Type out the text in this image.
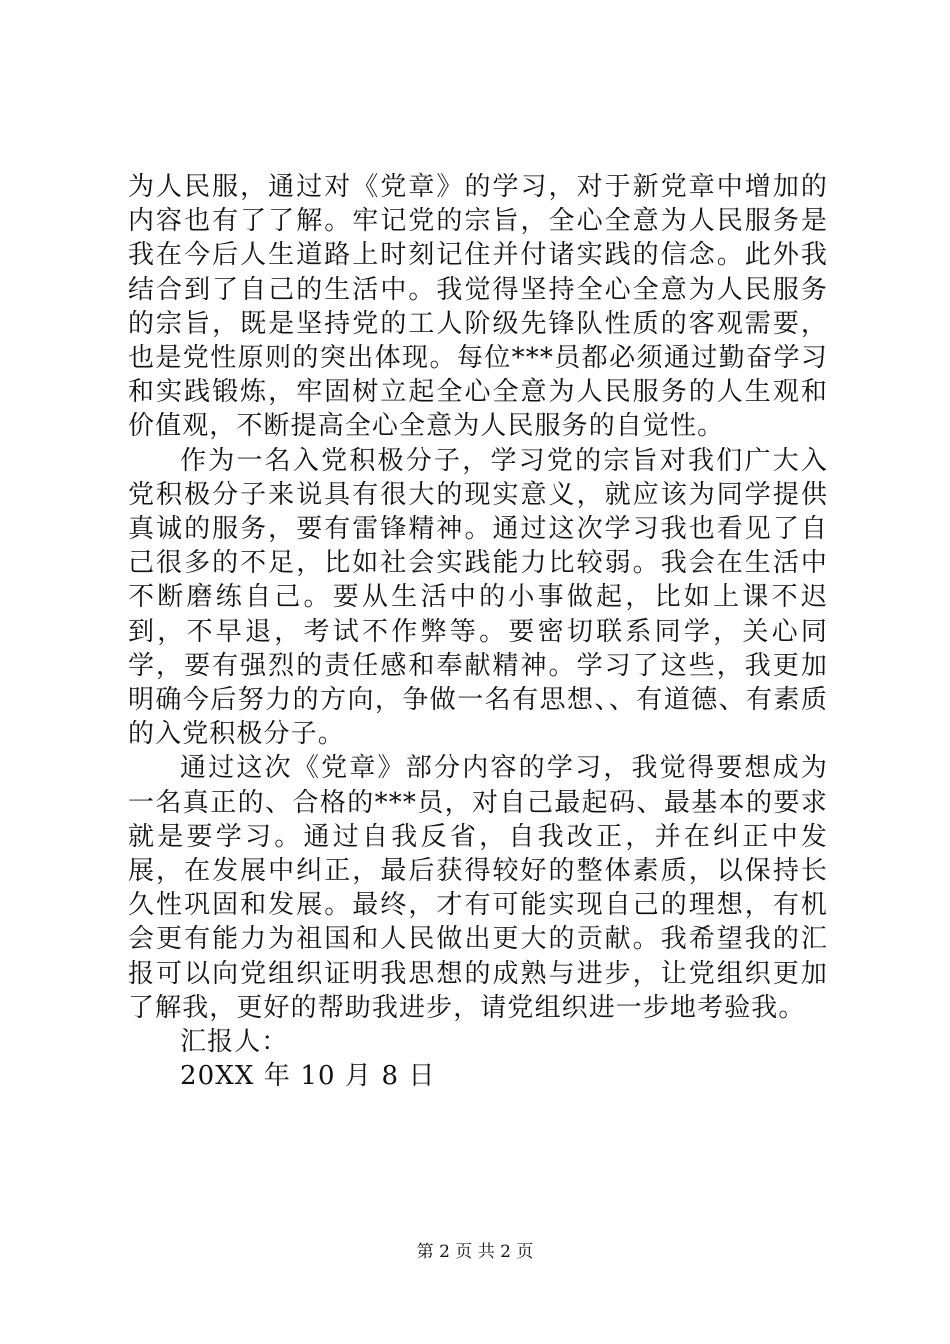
为人民服，通过对《党章》的学习，对于新党章中增加的内容也有了了解。牢记党的宗旨，全心全意为人民服务是我在今后人生道路上时刻记住并付诸实践的信念。此外我结合到了自己的生活中。我觉得坚持全心全意为人民服务的宗旨，既是坚持党的工人阶级先锋队性质的客观需要，也是党性原则的突出体现。每位***员都必须通过勤奋学习和实践锻炼，牢固树立起全心全意为人民服务的人生观和价值观，不断提高全心全意为人民服务的自觉性。

作为一名入党积极分子，学习党的宗旨对我们广大入党积极分子来说具有很大的现实意义，就应该为同学提供真诚的服务，要有雷锋精神。通过这次学习我也看见了自己很多的不足，比如社会实践能力比较弱。我会在生活中不断磨练自己。要从生活中的小事做起，比如上课不迟到，不早退，考试不作弊等。要密切联系同学，关心同学，要有强烈的责任感和奉献精神。学习了这些，我更加明确今后努力的方向，争做一名有思想、、有道德、有素质的入党积极分子。

通过这次《党章》部分内容的学习，我觉得要想成为一名真正的、合格的***员，对自己最起码、最基本的要求就是要学习。通过自我反省，自我改正，并在纠正中发展，在发展中纠正，最后获得较好的整体素质，以保持长久性巩固和发展。最终，才有可能实现自己的理想，有机会更有能力为祖国和人民做出更大的贡献。我希望我的汇报可以向党组织证明我思想的成熟与进步，让党组织更加了解我，更好的帮助我进步，请党组织进一步地考验我。

汇报人：

20XX 年 10 月 8 日

第 2 页 共 2 页
